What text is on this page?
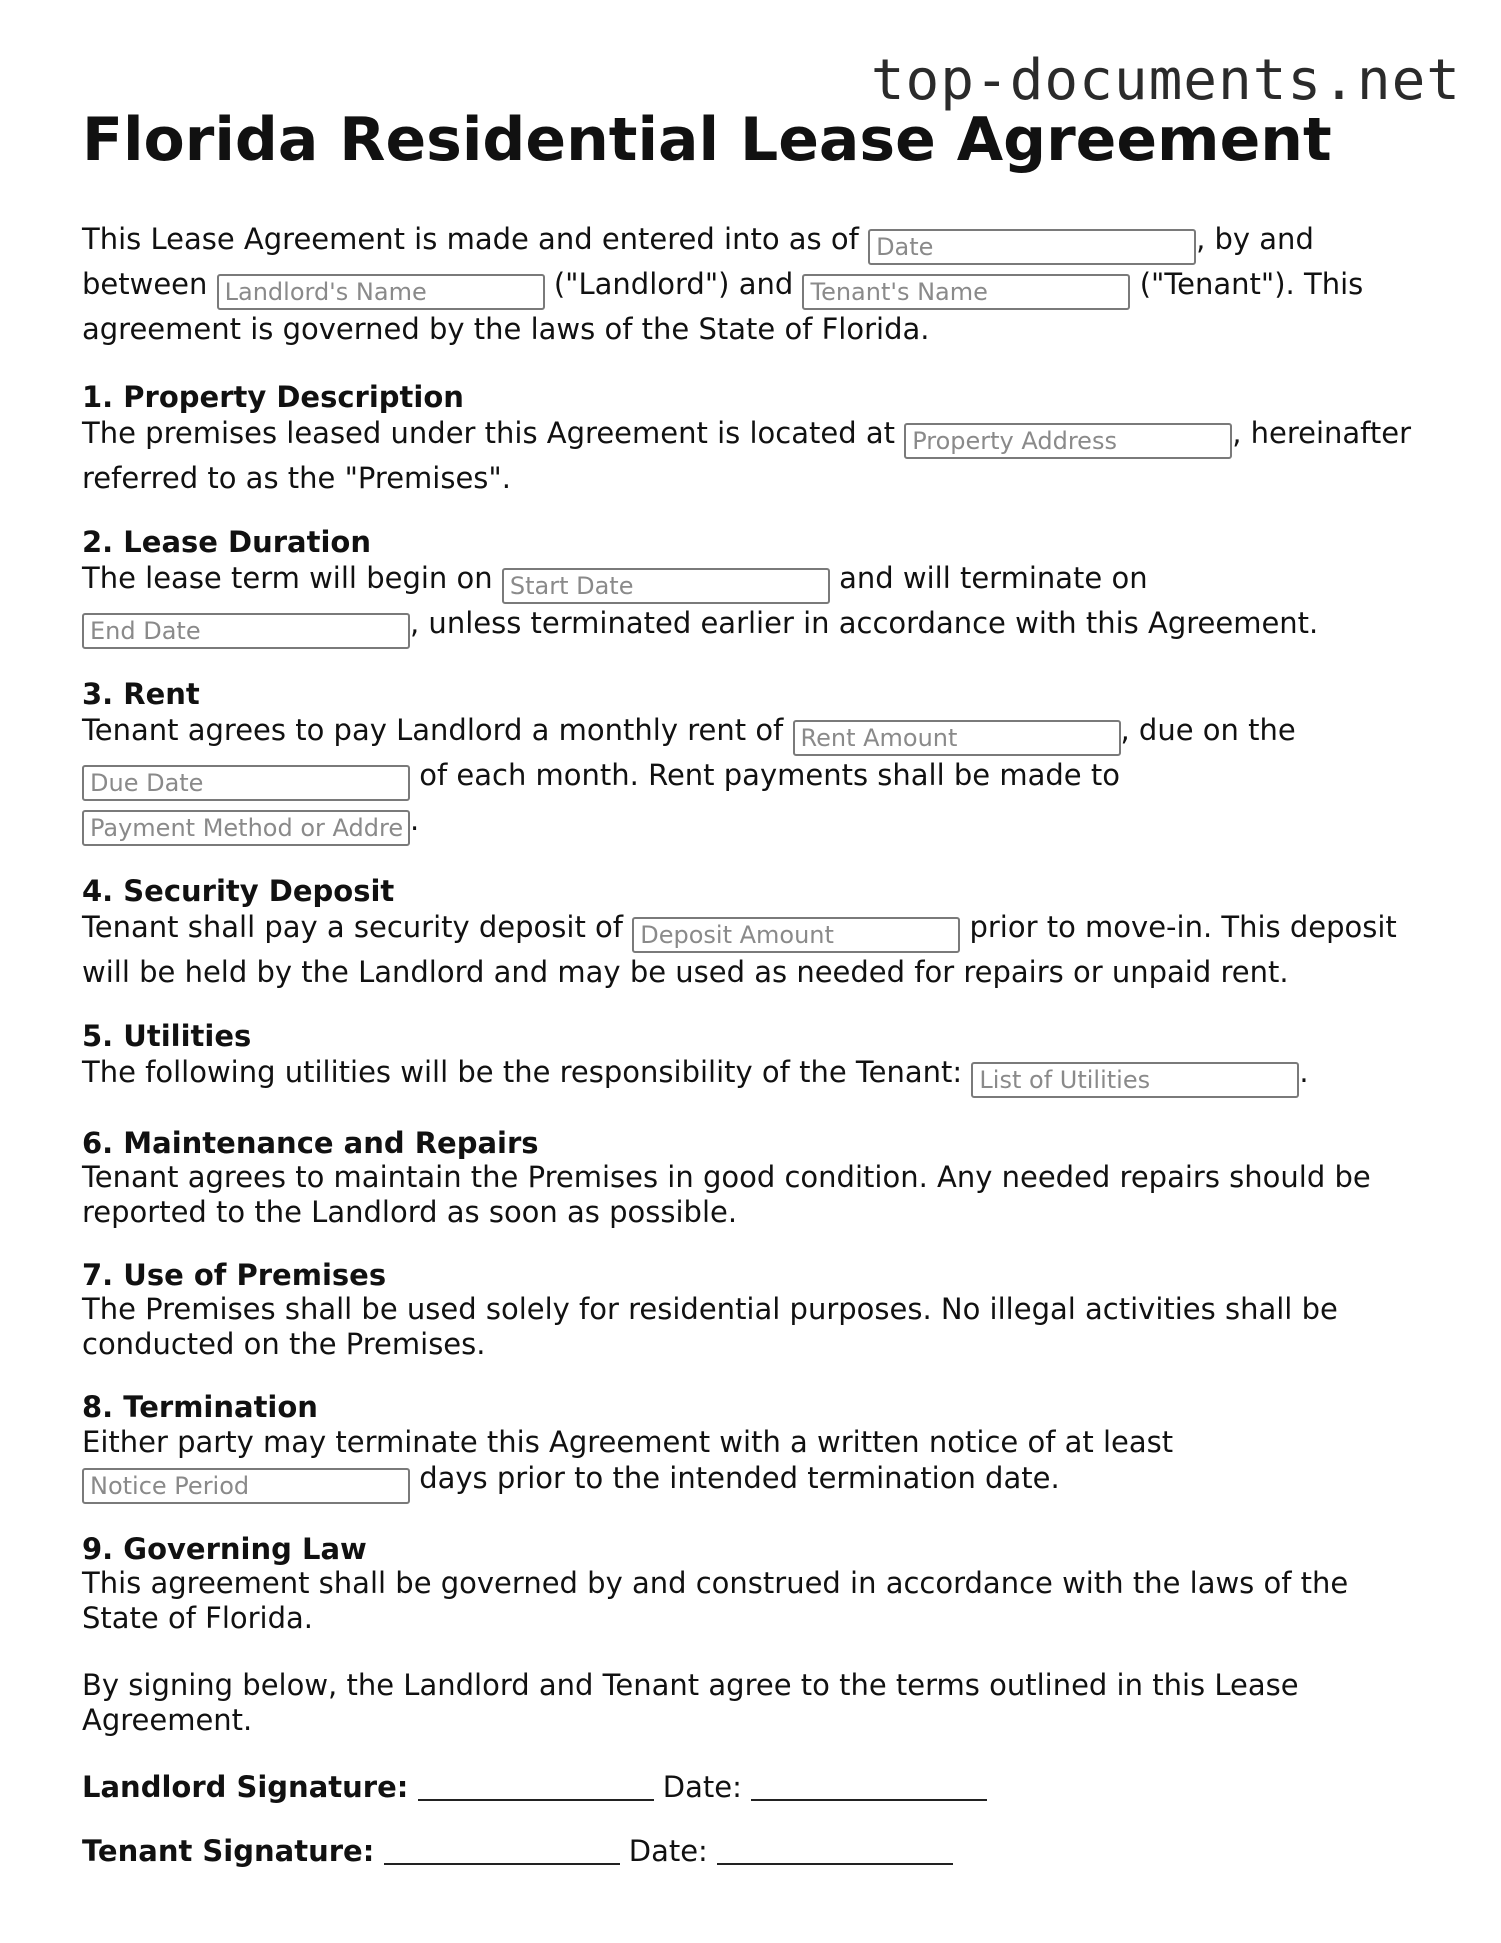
top-documents.net
Florida Residential Lease Agreement

This Lease Agreement is made and entered into as of Date	, by and between Landlord's Name	("Landlord") and Tenant's Name	("Tenant"). This agreement is governed by the laws of the State of Florida.

1. Property Description

The premises leased under this Agreement is located at Property Address	, hereinafter referred to as the "Premises".

2. Lease Duration

The lease term will begin on Start Date	and will terminate on End Date, unless terminated earlier in accordance with this Agreement.

3. Rent

Tenant agrees to pay Landlord a monthly rent of Rent Amount	, due on the Due Date of each month. Rent payments shall be made to Payment Method or Address.

4. Security Deposit

Tenant shall pay a security deposit of Deposit Amount	prior to move-in. This deposit will be held by the Landlord and may be used as needed for repairs or unpaid rent.

5. Utilities

The following utilities will be the responsibility of the Tenant: List of Utilities	.

6. Maintenance and Repairs

Tenant agrees to maintain the Premises in good condition. Any needed repairs should be reported to the Landlord as soon as possible.

7. Use of Premises

The Premises shall be used solely for residential purposes. No illegal activities shall be conducted on the Premises.

8. Termination

Either party may terminate this Agreement with a written notice of at least Notice Period days prior to the intended termination date.

9. Governing Law

This agreement shall be governed by and construed in accordance with the laws of the State of Florida.

By signing below, the Landlord and Tenant agree to the terms outlined in this Lease Agreement.

Landlord Signature:	Date:

Tenant Signature:	Date:
